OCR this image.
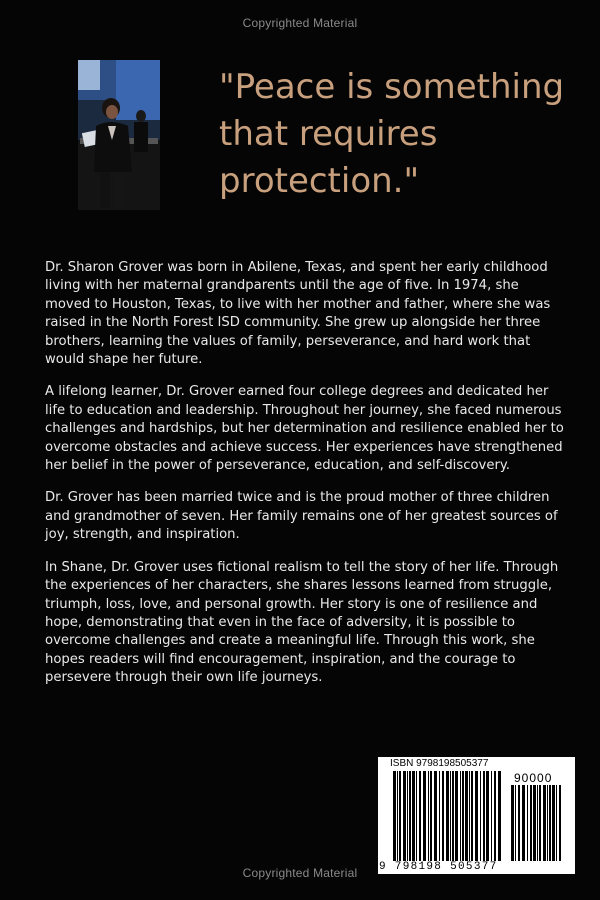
Copyrighted Material
"Peace is something that requires protection."

Dr. Sharon Grover was born in Abilene, Texas, and spent her early childhood living with her maternal grandparents until the age of five. In 1974, she moved to Houston, Texas, to live with her mother and father, where she was raised in the North Forest ISD community. She grew up alongside her three brothers, learning the values of family, perseverance, and hard work that would shape her future.

A lifelong learner, Dr. Grover earned four college degrees and dedicated her life to education and leadership. Throughout her journey, she faced numerous challenges and hardships, but her determination and resilience enabled her to overcome obstacles and achieve success. Her experiences have strengthened her belief in the power of perseverance, education, and self-discovery.

Dr. Grover has been married twice and is the proud mother of three children and grandmother of seven. Her family remains one of her greatest sources of joy, strength, and inspiration.

In Shane, Dr. Grover uses fictional realism to tell the story of her life. Through the experiences of her characters, she shares lessons learned from struggle, triumph, loss, love, and personal growth. Her story is one of resilience and hope, demonstrating that even in the face of adversity, it is possible to overcome challenges and create a meaningful life. Through this work, she hopes readers will find encouragement, inspiration, and the courage to persevere through their own life journeys.

ISBN 9798198505377
90000
9 798198 505377
Copyrighted Material
